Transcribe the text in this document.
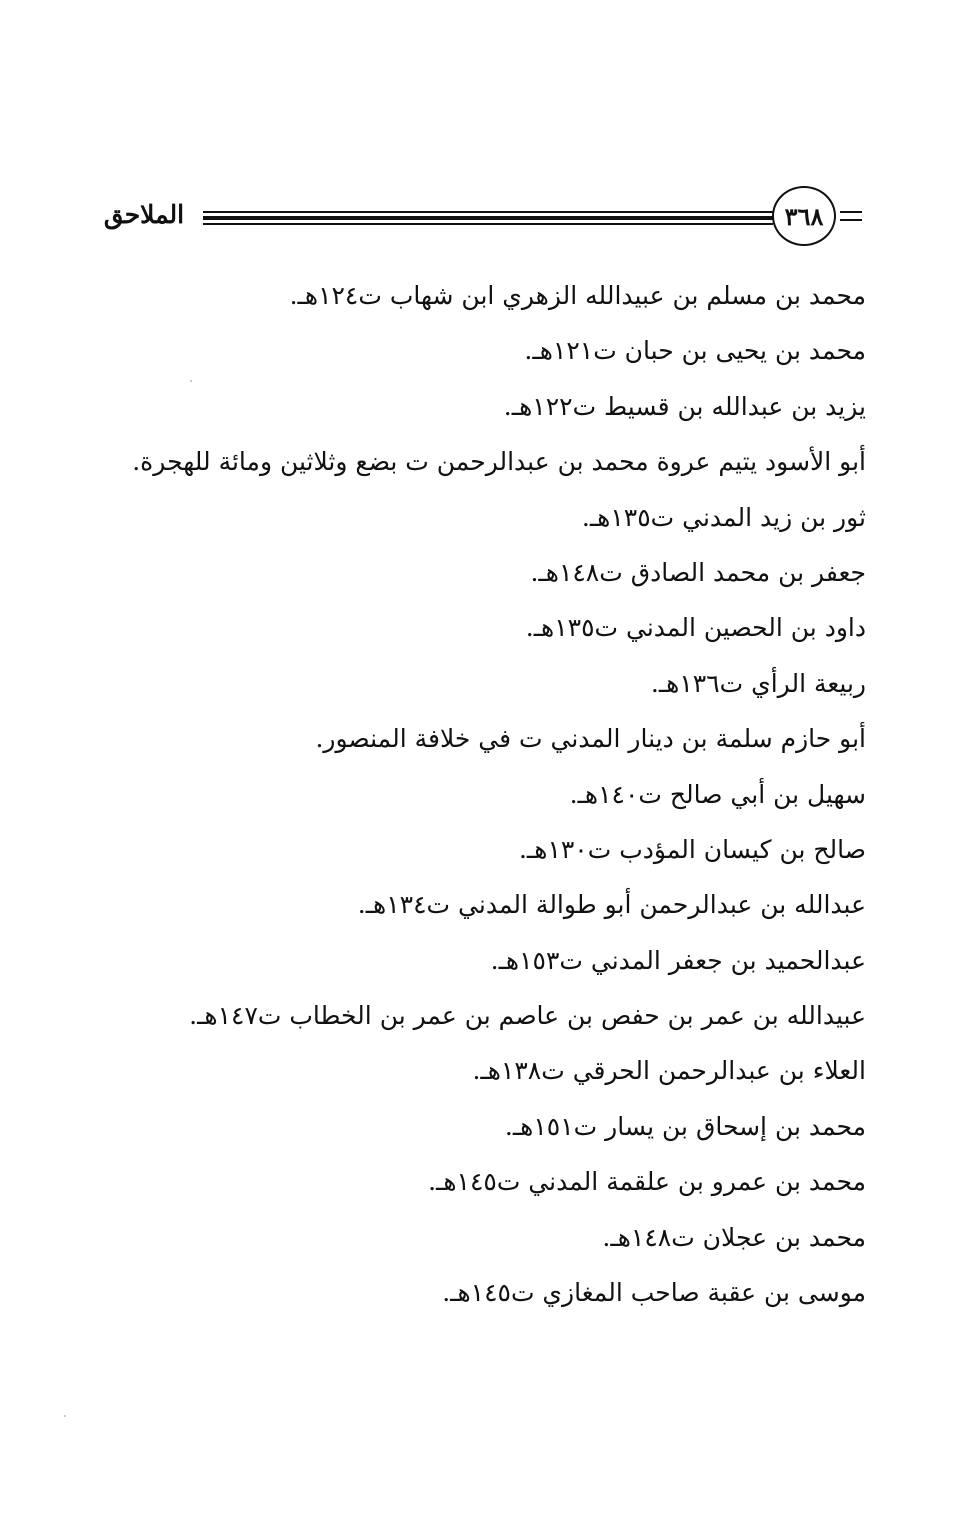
الملاحق	٣٦٨
محمد بن مسلم بن عبيدالله الزهري ابن شهاب ت١٢٤هـ.
محمد بن يحيى بن حبان ت١٢١هـ.
يزيد بن عبدالله بن قسيط ت١٢٢هـ.
أبو الأسود يتيم عروة محمد بن عبدالرحمن ت بضع وثلاثين ومائة للهجرة.
ثور بن زيد المدني ت١٣٥هـ.
جعفر بن محمد الصادق ت١٤٨هـ.
داود بن الحصين المدني ت١٣٥هـ.
ربيعة الرأي ت١٣٦هـ.
أبو حازم سلمة بن دينار المدني ت في خلافة المنصور.
سهيل بن أبي صالح ت١٤٠هـ.
صالح بن كيسان المؤدب ت١٣٠هـ.
عبدالله بن عبدالرحمن أبو طوالة المدني ت١٣٤هـ.
عبدالحميد بن جعفر المدني ت١٥٣هـ.
عبيدالله بن عمر بن حفص بن عاصم بن عمر بن الخطاب ت١٤٧هـ.
العلاء بن عبدالرحمن الحرقي ت١٣٨هـ.
محمد بن إسحاق بن يسار ت١٥١هـ.
محمد بن عمرو بن علقمة المدني ت١٤٥هـ.
محمد بن عجلان ت١٤٨هـ.
موسى بن عقبة صاحب المغازي ت١٤٥هـ.
